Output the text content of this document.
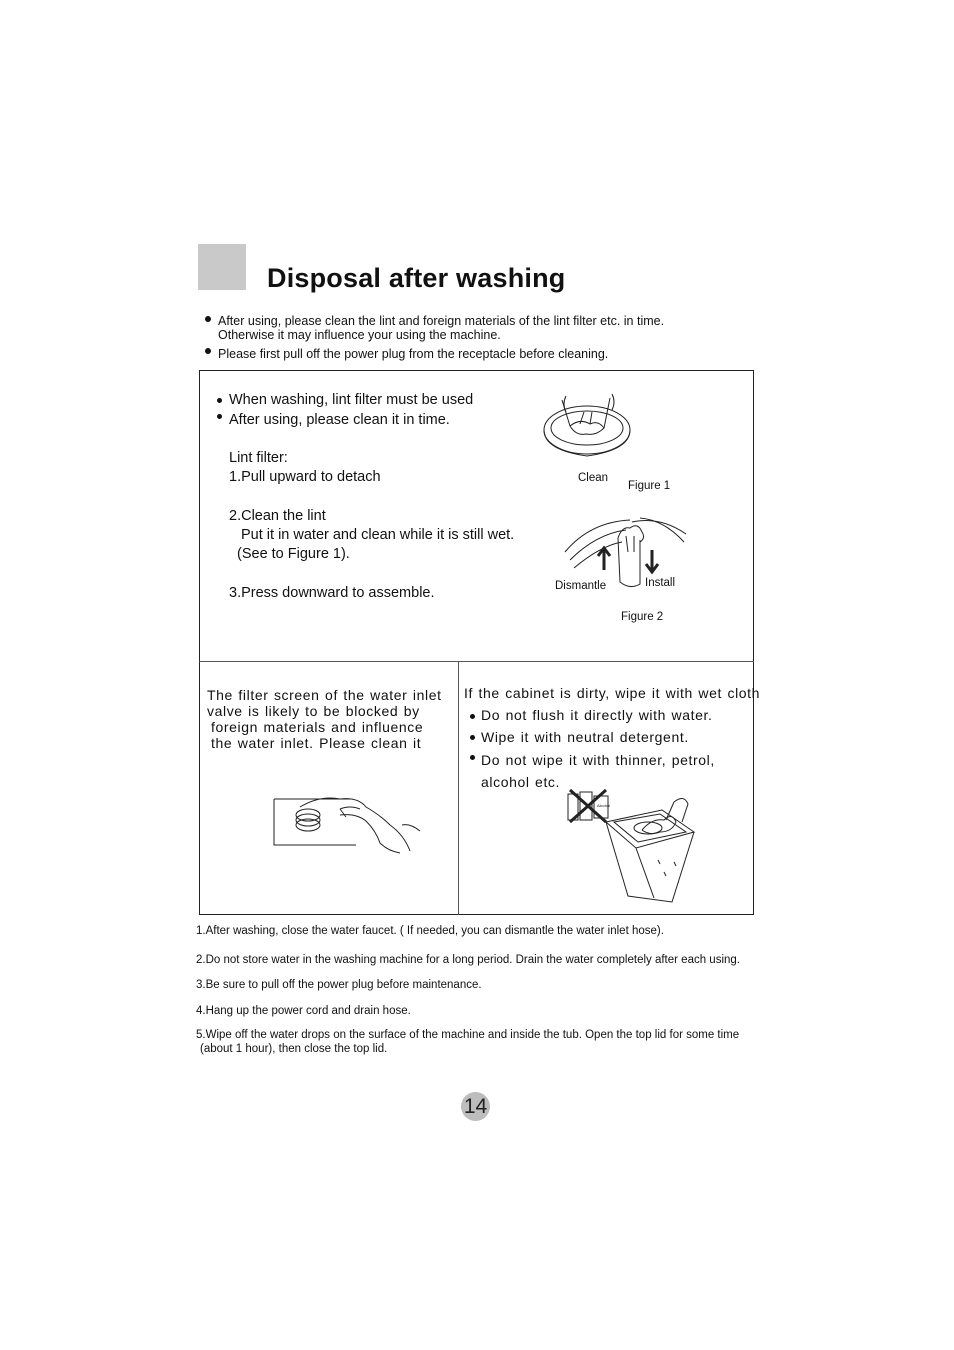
Disposal after washing
After using, please clean the lint and foreign materials of the lint filter etc. in time.
Otherwise it may influence your using the machine.
Please first pull off the power plug from the receptacle before cleaning.
When washing, lint filter must be used
After using, please clean it in time.
Lint filter:
1.Pull upward to detach
2.Clean the lint
Put it in water and clean while it is still wet.
(See to Figure 1).
3.Press downward to assemble.
Clean
Figure 1
Dismantle	Install
Figure 2
The filter screen of the water inlet
valve is likely to be blocked by
foreign materials and influence
the water inlet. Please clean it
If the cabinet is dirty, wipe it with wet cloth
Do not flush it directly with water.
Wipe it with neutral detergent.
Do not wipe it with thinner, petrol,
alcohol etc.
Alcohol
1.After washing, close the water faucet. ( If needed, you can dismantle the water inlet hose).
2.Do not store water in the washing machine for a long period. Drain the water completely after each using.
3.Be sure to pull off the power plug before maintenance.
4.Hang up the power cord and drain hose.
5.Wipe off the water drops on the surface of the machine and inside the tub. Open the top lid for some time
(about 1 hour), then close the top lid.
14
